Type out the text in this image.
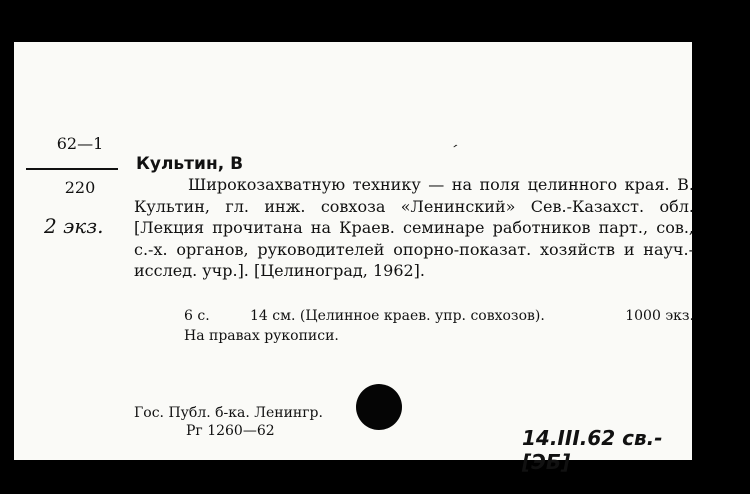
62—1
220
2 экз.
Культин, В
´
Широкозахватную технику — на поля целинного края. В. Культин, гл. инж. совхоза «Ленинский» Сев.-Казахст. обл. [Лекция прочитана на Краев. семинаре работников парт., сов., с.-х. органов, руководителей опорно-показат. хозяйств и науч.-исслед. учр.]. [Целиноград, 1962].
6 с.	14 см. (Целинное краев. упр. совхозов).	1000 экз.
На правах рукописи.
Гос. Публ. б-ка. Ленингр.
Рг 1260—62	14.III.62 св.- [ЭБ]
